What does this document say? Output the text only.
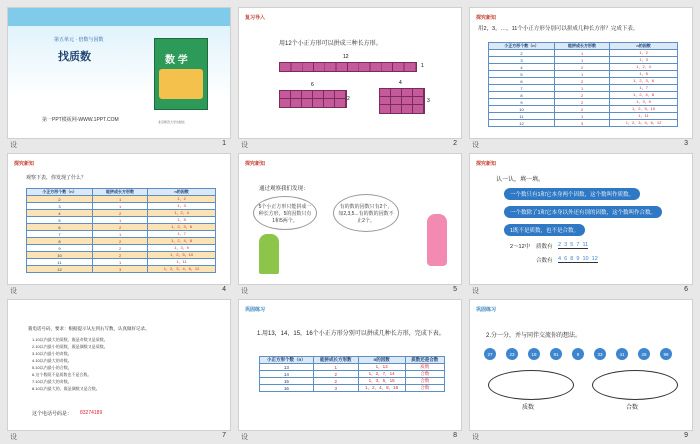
第五单元 · 倍数与因数
找质数	数 学
第一PPT模板网-WWW.1PPT.COM	北京师范大学出版社
设	1
复习导入
用12个小正方形可以拼成三种长方形。
12
1
6
2
4
3
设	2
探究新知
用2，3，…，11个小正方形分别可以拼成几种长方形？完成下表。
小正方形个数（n）	能拼成长方形数	n的因数
2	1	1，2
3	1	1，3
4	2	1，2，4
5	1	1，5
6	2	1，2，3，6
7	1	1，7
8	2	1，2，4，8
9	2	1，3，9
10	2	1，2，5，10
11	1	1，11
12	3	1，2，3，4，6，12
设	3
探究新知
观察下表，你发现了什么？
小正方形个数（n）	能拼成长方形数	n的因数
2	1	1，2
3	1	1，3
4	2	1，2，4
5	1	1，5
6	2	1，2，3，6
7	1	1，7
8	2	1，2，4，8
9	2	1，3，9
10	2	1，2，5，10
11	1	1，11
12	3	1，2，3，4，6，12
设	4
探究新知
通过观察我们发现：
5个小正方形只能拼成一种长方形，5的因数只有1和5两个。
有的数的因数只有2个，如2,3,5...有的数的因数不止2个。
设	5
探究新知
认一认，填一填。
一个数只有1和它本身两个因数，这个数叫作质数。
一个数除了1和它本身以外还有别的因数，这个数叫作合数。
1既不是质数，也不是合数。
2～12中 质数有 2  3  5  7  11
合数有 4  6  8  9  10  12
设	6
猜电话号码，要求：根据提示从左到右写数，认真做好记录。
1.10以内最大的质数，既是奇数又是质数。
2.10以内最小的质数，既是偶数又是质数。
3.10以内最小的奇数。
4.10以内最大的奇数。
5.10以内最小的合数。
6.这个数既不是质数也不是合数。
7.10以内最大的奇数。
8.10以内最大的，既是偶数又是合数。
这个电话号码是： 83274189
设	7
巩固练习
1.用13，14，15，16个小正方形分别可以拼成几种长方形，完成下表。
小正方形个数（n）	能拼成长方形数	n的因数	质数还是合数
13	1	1，13	质数
14	2	1，2，7，14	合数
15	2	1，3，5，15	合数
16	3	1，2，4，8，16	合数
设	8
巩固练习
2.分一分，并与同伴交流你的想法。
27	23	19	91	9	33	41	25	99
质数	合数
设	9
